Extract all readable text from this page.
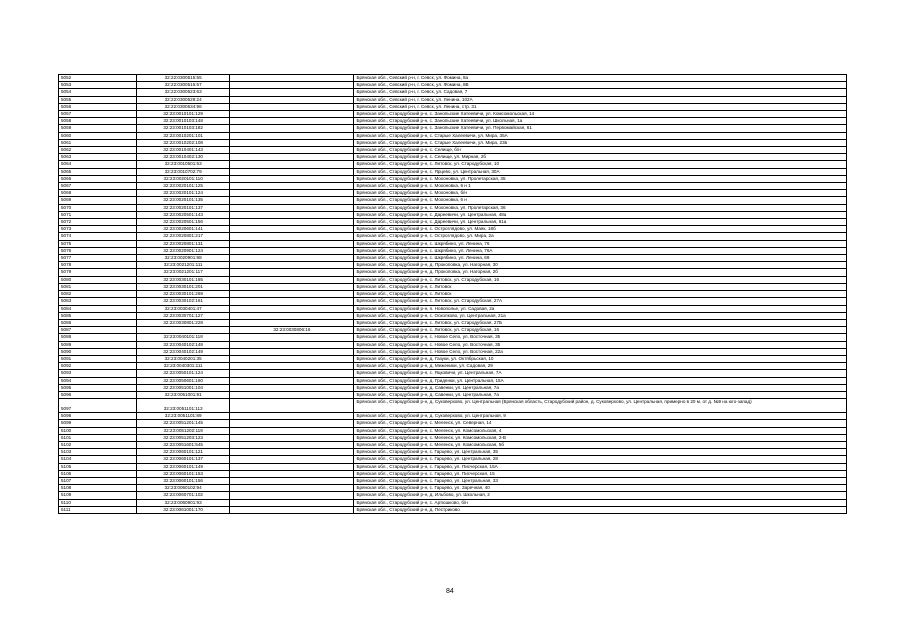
5052	32:22:0300515:55		Брянская обл., Севский р-н, г. Севск, ул. Фомина, 8а
5053	32:22:0300515:57		Брянская обл., Севский р-н, г. Севск, ул. Фомина, 8В
5054	32:22:0300523:63		Брянская обл., Севский р-н, г. Севск, ул. Садовая, 7
5055	32:22:0300528:24		Брянская обл., Севский р-н, г. Севск, ул. Ленина, 102А
5056	32:22:0300534:96		Брянская обл., Севский р-н, г. Севск, ул. Ленина, стр. 31
5057	32:23:0010101:129		Брянская обл., Стародубский р-н, с. Занопьские Хатеевичи, ул. Комсомольская, 14
5058	32:23:0010103:148		Брянская обл., Стародубский р-н, с. Занопьские Хатеевичи, ул. Школьная, 1а
5059	32:23:0010103:182		Брянская обл., Стародубский р-н, с. Занопьские Хатеевичи, ул. Первомайская, 61
5060	32:23:0010201:101		Брянская обл., Стародубский р-н, с. Старые Халеевичи, ул. Мира, 35А
5061	32:23:0010202:108		Брянская обл., Стародубский р-н, с. Старые Халеевичи, ул. Мира, 23в
5062	32:23:0010401:143		Брянская обл., Стародубский р-н, с. Селище, б/н
5063	32:23:0010402:130		Брянская обл., Стародубский р-н, с. Селище, ул. Мирная, 2б
5064	32:23:0010501:53		Брянская обл., Стародубский р-н, с. Литовск, ул. Стародубская, 10
5065	32:23:0010702:79		Брянская обл., Стародубский р-н, с. Ярцево, ул. Центральная, 30А
5066	32:23:0020101:110		Брянская обл., Стародубский р-н, с. Мохоновка, ул. Пролетарская, 35
5067	32:23:0020101:125		Брянская обл., Стародубский р-н, с. Мохоновка, 6 н 1
5068	32:23:0020101:124		Брянская обл., Стародубский р-н, с. Мохоновка, б/н
5069	32:23:0020101:135		Брянская обл., Стародубский р-н, с. Мохоновка, 6 н
5070	32:23:0020101:137		Брянская обл., Стародубский р-н, с. Мохоновка, ул. Пролетарская, 36
5071	32:23:0020501:143		Брянская обл., Стародубский р-н, с. Дареевичи, ул. Центральная, 48а
5072	32:23:0020501:156		Брянская обл., Стародубский р-н, с. Дареевичи, ул. Центральная, 61а
5073	32:23:0020601:141		Брянская обл., Стародубский р-н, с. Остроглядово, ул. Маяк, 18б
5074	32:23:0020801:217		Брянская обл., Стародубский р-н, с. Остроглядово, ул. Мира, 2а
5075	32:23:0020801:131		Брянская обл., Стародубский р-н, с. Шкрябино, ул. Ленина, 76
5076	32:23:0020901:124		Брянская обл., Стародубский р-н, с. Шкрябино, ул. Ленина, 76А
5077	32:23:0020901:98		Брянская обл., Стародубский р-н, с. Шкрябино, ул. Ленина, 69
5078	32:23:0021201:111		Брянская обл., Стародубский р-н, д. Прокоповка, ул. Нагорная, 30
5079	32:23:0021201:117		Брянская обл., Стародубский р-н, д. Прокоповка, ул. Нагорная, 2б
5080	32:23:0030101:185		Брянская обл., Стародубский р-н, с. Литовск, ул. Стародубская, 16
5081	32:23:0030101:201		Брянская обл., Стародубский р-н, с. Литовск
5082	32:23:0030101:269		Брянская обл., Стародубский р-н, с. Литовск
5083	32:23:0030102:161		Брянская обл., Стародубский р-н, с. Литовск, ул. Стародубская, 27А
5084	32:23:0030401:47		Брянская обл., Стародубский р-н, п. Новополье, ул. Садовая, 2а
5085	32:23:0030701:127		Брянская обл., Стародубский р-н, с. Осколково, ул. Центральная, 21а
5086	32:23:0030801:228		Брянская обл., Стародубский р-н, с. Литовск, ул. Стародубская, 27Б
5087		32:23:0030806:16	Брянская обл., Стародубский р-н, с. Литовск, ул. Стародубская, 16
5088	32:23:0040101:118		Брянская обл., Стародубский р-н, с. Новое Село, ул. Восточная, 35
5089	32:23:0040102:148		Брянская обл., Стародубский р-н, с. Новое Село, ул. Восточная, 35
5090	32:23:0040102:149		Брянская обл., Стародубский р-н, с. Новое Село, ул. Восточная, 22а
5091	32:23:0040201:35		Брянская обл., Стародубский р-н, д. Газуки, ул. Октябрьская, 10
5092	32:23:0040301:111		Брянская обл., Стародубский р-н, д. Меженики, ул. Садовая, 29
5093	32:23:0050101:124		Брянская обл., Стародубский р-н, с. Яцковичи, ул. Центральная, 7А
5094	32:23:0050601:160		Брянская обл., Стародубский р-н, д. Гриденки, ул. Центральная, 15А
5095	32:23:0051001:104		Брянская обл., Стародубский р-н, д. Савенки, ул. Центральная, 7а
5096	32:23:0051001:91		Брянская обл., Стародубский р-н, д. Савенки, ул. Центральная, 7а
5097	32:23:0051101:113		Брянская обл., Стародубский р-н, д. Суковерхово, ул. Центральная (Брянская область, Стародубский район, д. Суковерхово, ул. Центральная, примерно в 20 м. от д. №9 на юго-запад)
5098	32:23:0051101:89		Брянская обл., Стародубский р-н, д. Суковерхово, ул. Центральная, 9
5099	32:23:0051201:145		Брянская обл., Стародубский р-н, с. Меленск, ул. Северная, 14
5100	32:23:0051202:119		Брянская обл., Стародубский р-н, с. Меленск, ул. Комсомольская, 4
5101	32:23:0051203:123		Брянская обл., Стародубский р-н, с. Меленск, ул. Комсомольская, 2-В
5102	32:23:0051601:545		Брянская обл., Стародубский р-н, с. Меленск, ул. Комсомольская, 5б
5103	32:23:0060101:121		Брянская обл., Стародубский р-н, с. Гарцево, ул. Центральная, 35
5104	32:23:0060101:137		Брянская обл., Стародубский р-н, с. Гарцево, ул. Центральная, 28
5105	32:23:0060101:149		Брянская обл., Стародубский р-н, с. Гарцево, ул. Писчерская, 15А
5106	32:23:0060101:153		Брянская обл., Стародубский р-н, с. Гарцево, ул. Писчерская, 15
5107	32:23:0060101:156		Брянская обл., Стародубский р-н, с. Гарцево, ул. Центральная, 33
5108	32:23:0060102:94		Брянская обл., Стародубский р-н, с. Гарцево, ул. Заречная, 40
5109	32:23:0060701:102		Брянская обл., Стародубский р-н, д. Ильбово, ул. Школьная, 2
5110	32:23:0060901:93		Брянская обл., Стародубский р-н, с. Артюшково, б/н
5111	32:23:0061001:170		Брянская обл., Стародубский р-н, д. Пестриково
84
